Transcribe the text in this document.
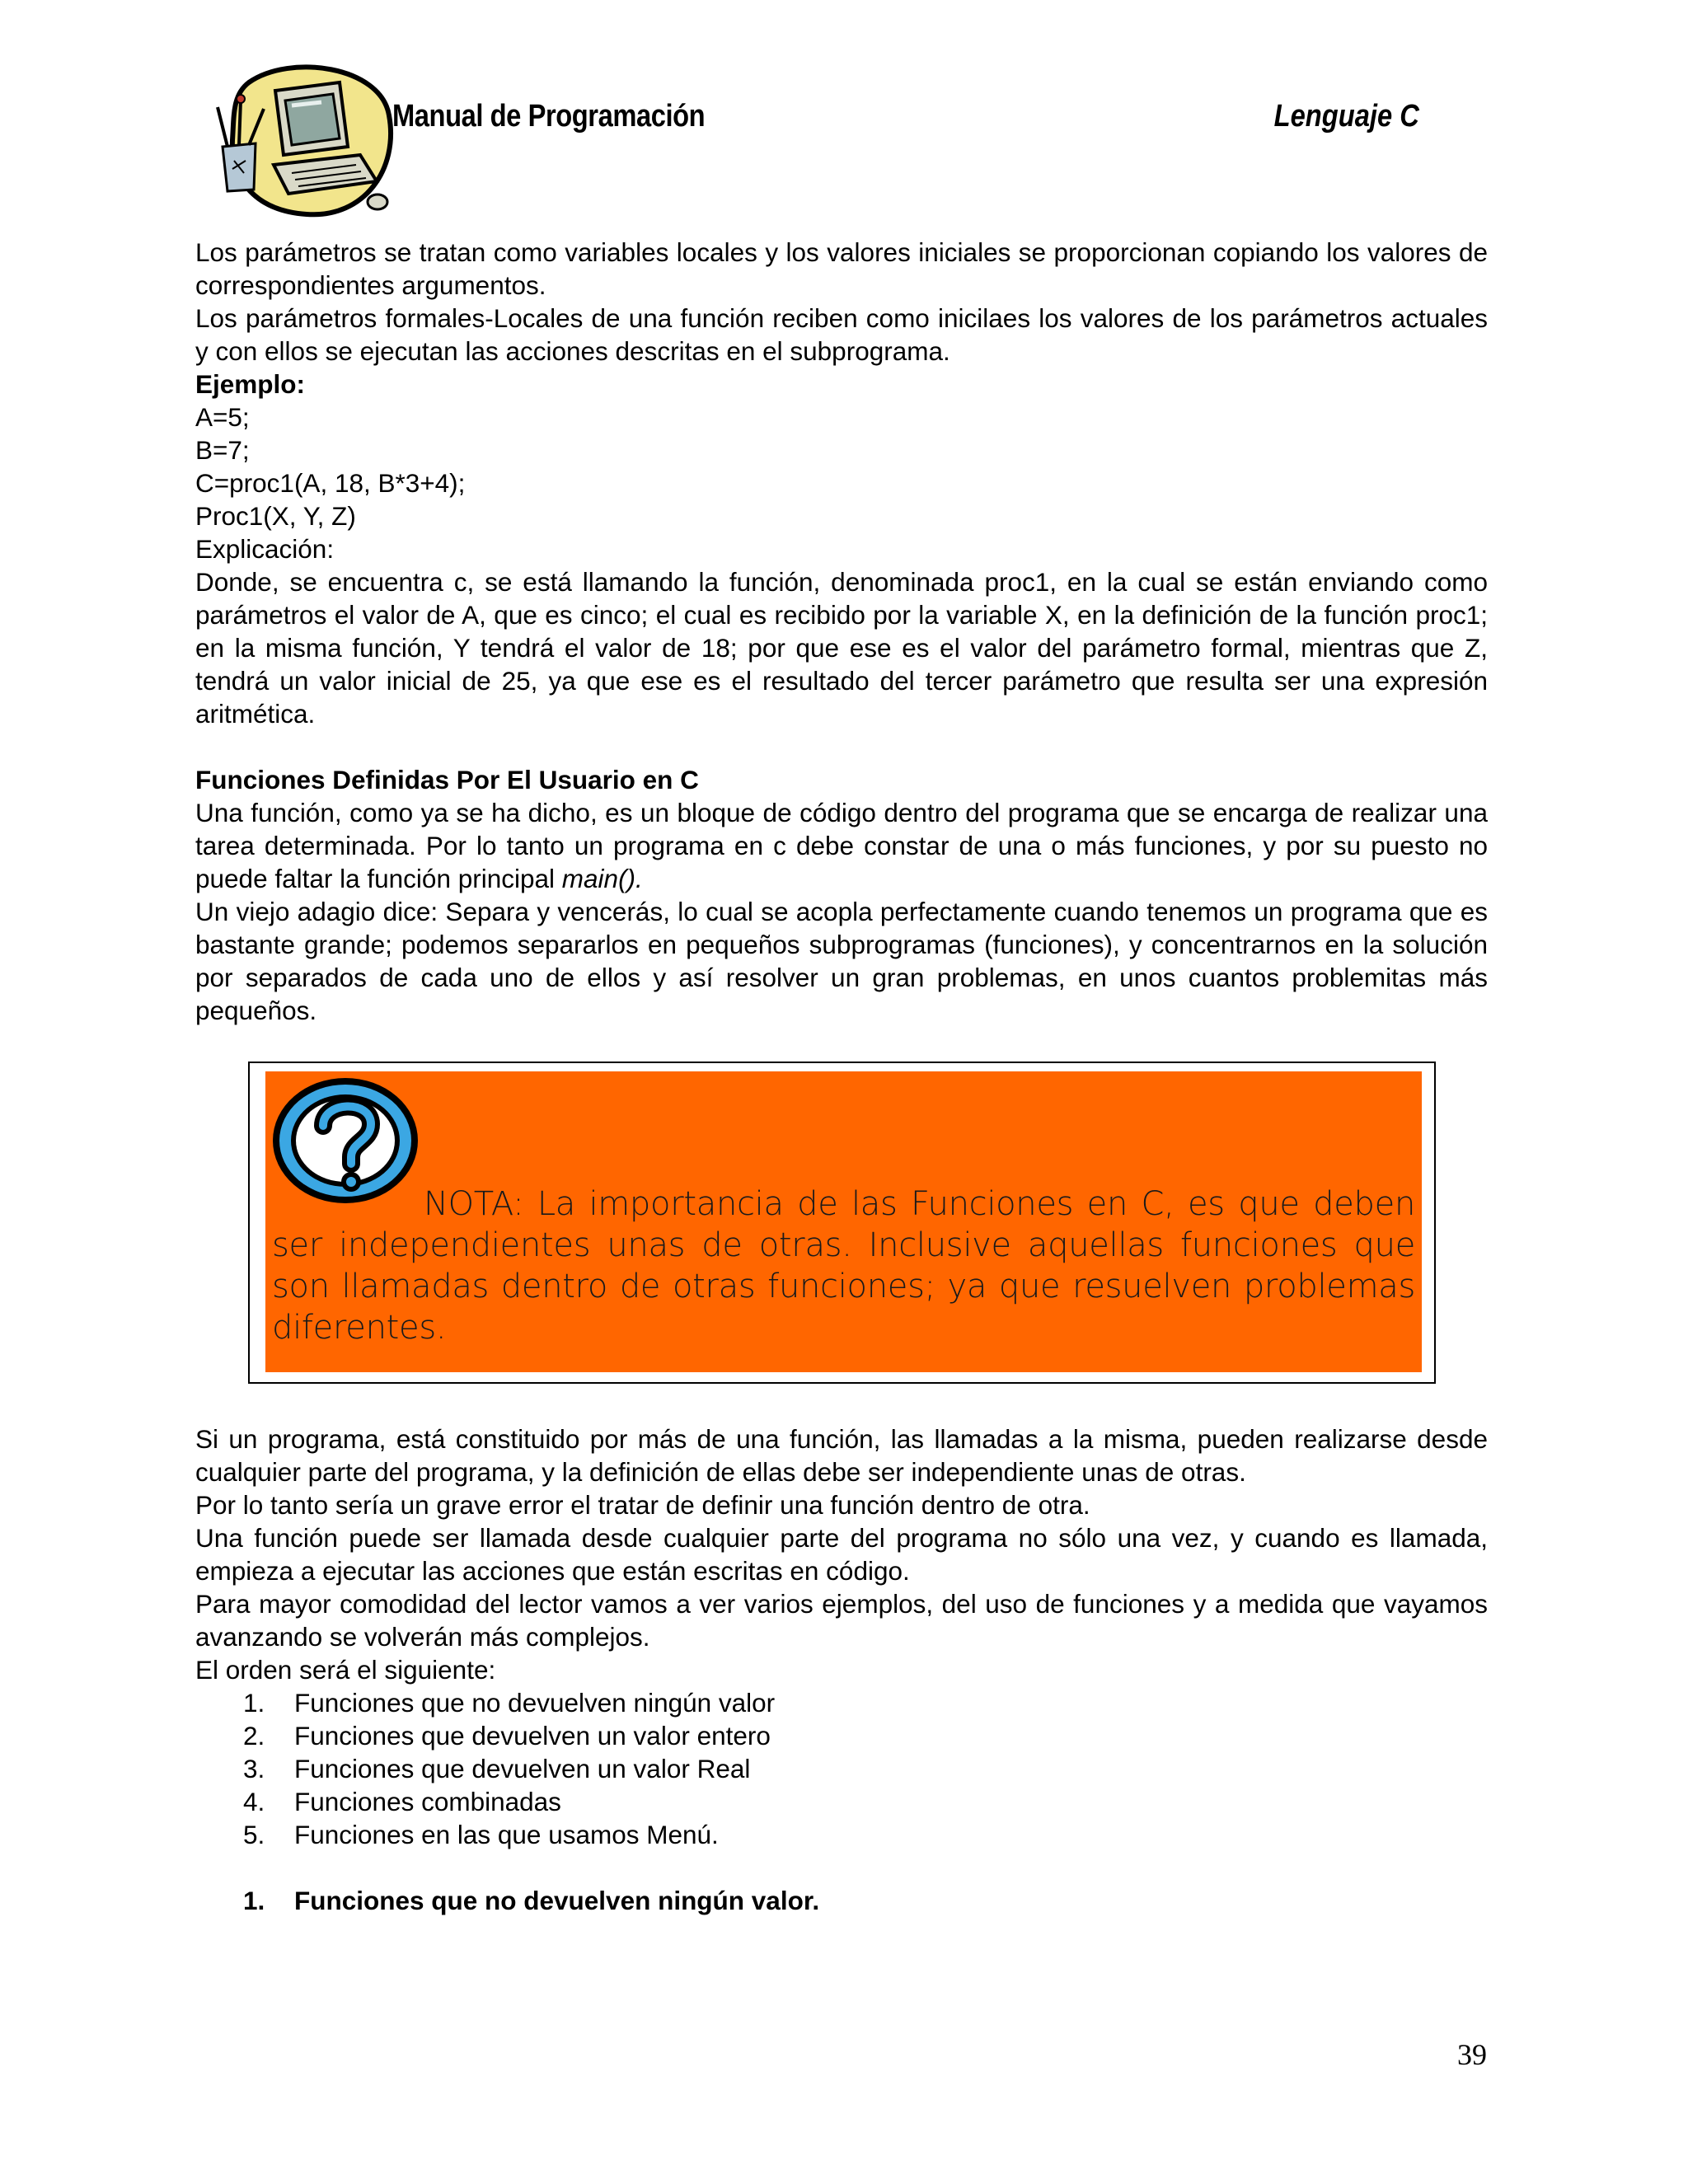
Manual de Programación	Lenguaje C

Los parámetros se tratan como variables locales y los valores iniciales se proporcionan copiando los valores de correspondientes argumentos.

Los parámetros formales-Locales de una función reciben como inicilaes los valores de los parámetros actuales y con ellos se ejecutan las acciones descritas en el subprograma.

Ejemplo:
A=5;
B=7;
C=proc1(A, 18, B*3+4);
Proc1(X, Y, Z)
Explicación:

Donde, se encuentra c, se está llamando la función, denominada proc1, en la cual se están enviando como parámetros el valor de A, que es cinco; el cual es recibido por la variable X, en la definición de la función proc1; en la misma función, Y tendrá el valor de 18; por que ese es el valor del parámetro formal, mientras que Z, tendrá un valor inicial de 25, ya que ese es el resultado del tercer parámetro que resulta ser una expresión aritmética.

Funciones Definidas Por El Usuario en C

Una función, como ya se ha dicho, es un bloque de código dentro del programa que se encarga de realizar una tarea determinada. Por lo tanto un programa en c debe constar de una o más funciones, y por su puesto no puede faltar la función principal main().

Un viejo adagio dice: Separa y vencerás, lo cual se acopla perfectamente cuando tenemos un programa que es bastante grande; podemos separarlos en pequeños subprogramas (funciones), y concentrarnos en la solución por separados de cada uno de ellos y así resolver un gran problemas, en unos cuantos problemitas más pequeños.

NOTA: La importancia de las Funciones en C, es que deben ser independientes unas de otras. Inclusive aquellas funciones que son llamadas dentro de otras funciones; ya que resuelven problemas diferentes.

Si un programa, está constituido por más de una función, las llamadas a la misma, pueden realizarse desde cualquier parte del programa, y la definición de ellas debe ser independiente unas de otras.

Por lo tanto sería un grave error el tratar de definir una función dentro de otra.

Una función puede ser llamada desde cualquier parte del programa no sólo una vez, y cuando es llamada, empieza a ejecutar las acciones que están escritas en código.

Para mayor comodidad del lector vamos a ver varios ejemplos, del uso de funciones y a medida que vayamos avanzando se volverán más complejos.

El orden será el siguiente:

1. Funciones que no devuelven ningún valor
2. Funciones que devuelven un valor entero
3. Funciones que devuelven un valor Real
4. Funciones combinadas
5. Funciones en las que usamos Menú.
1. Funciones que no devuelven ningún valor.
39
